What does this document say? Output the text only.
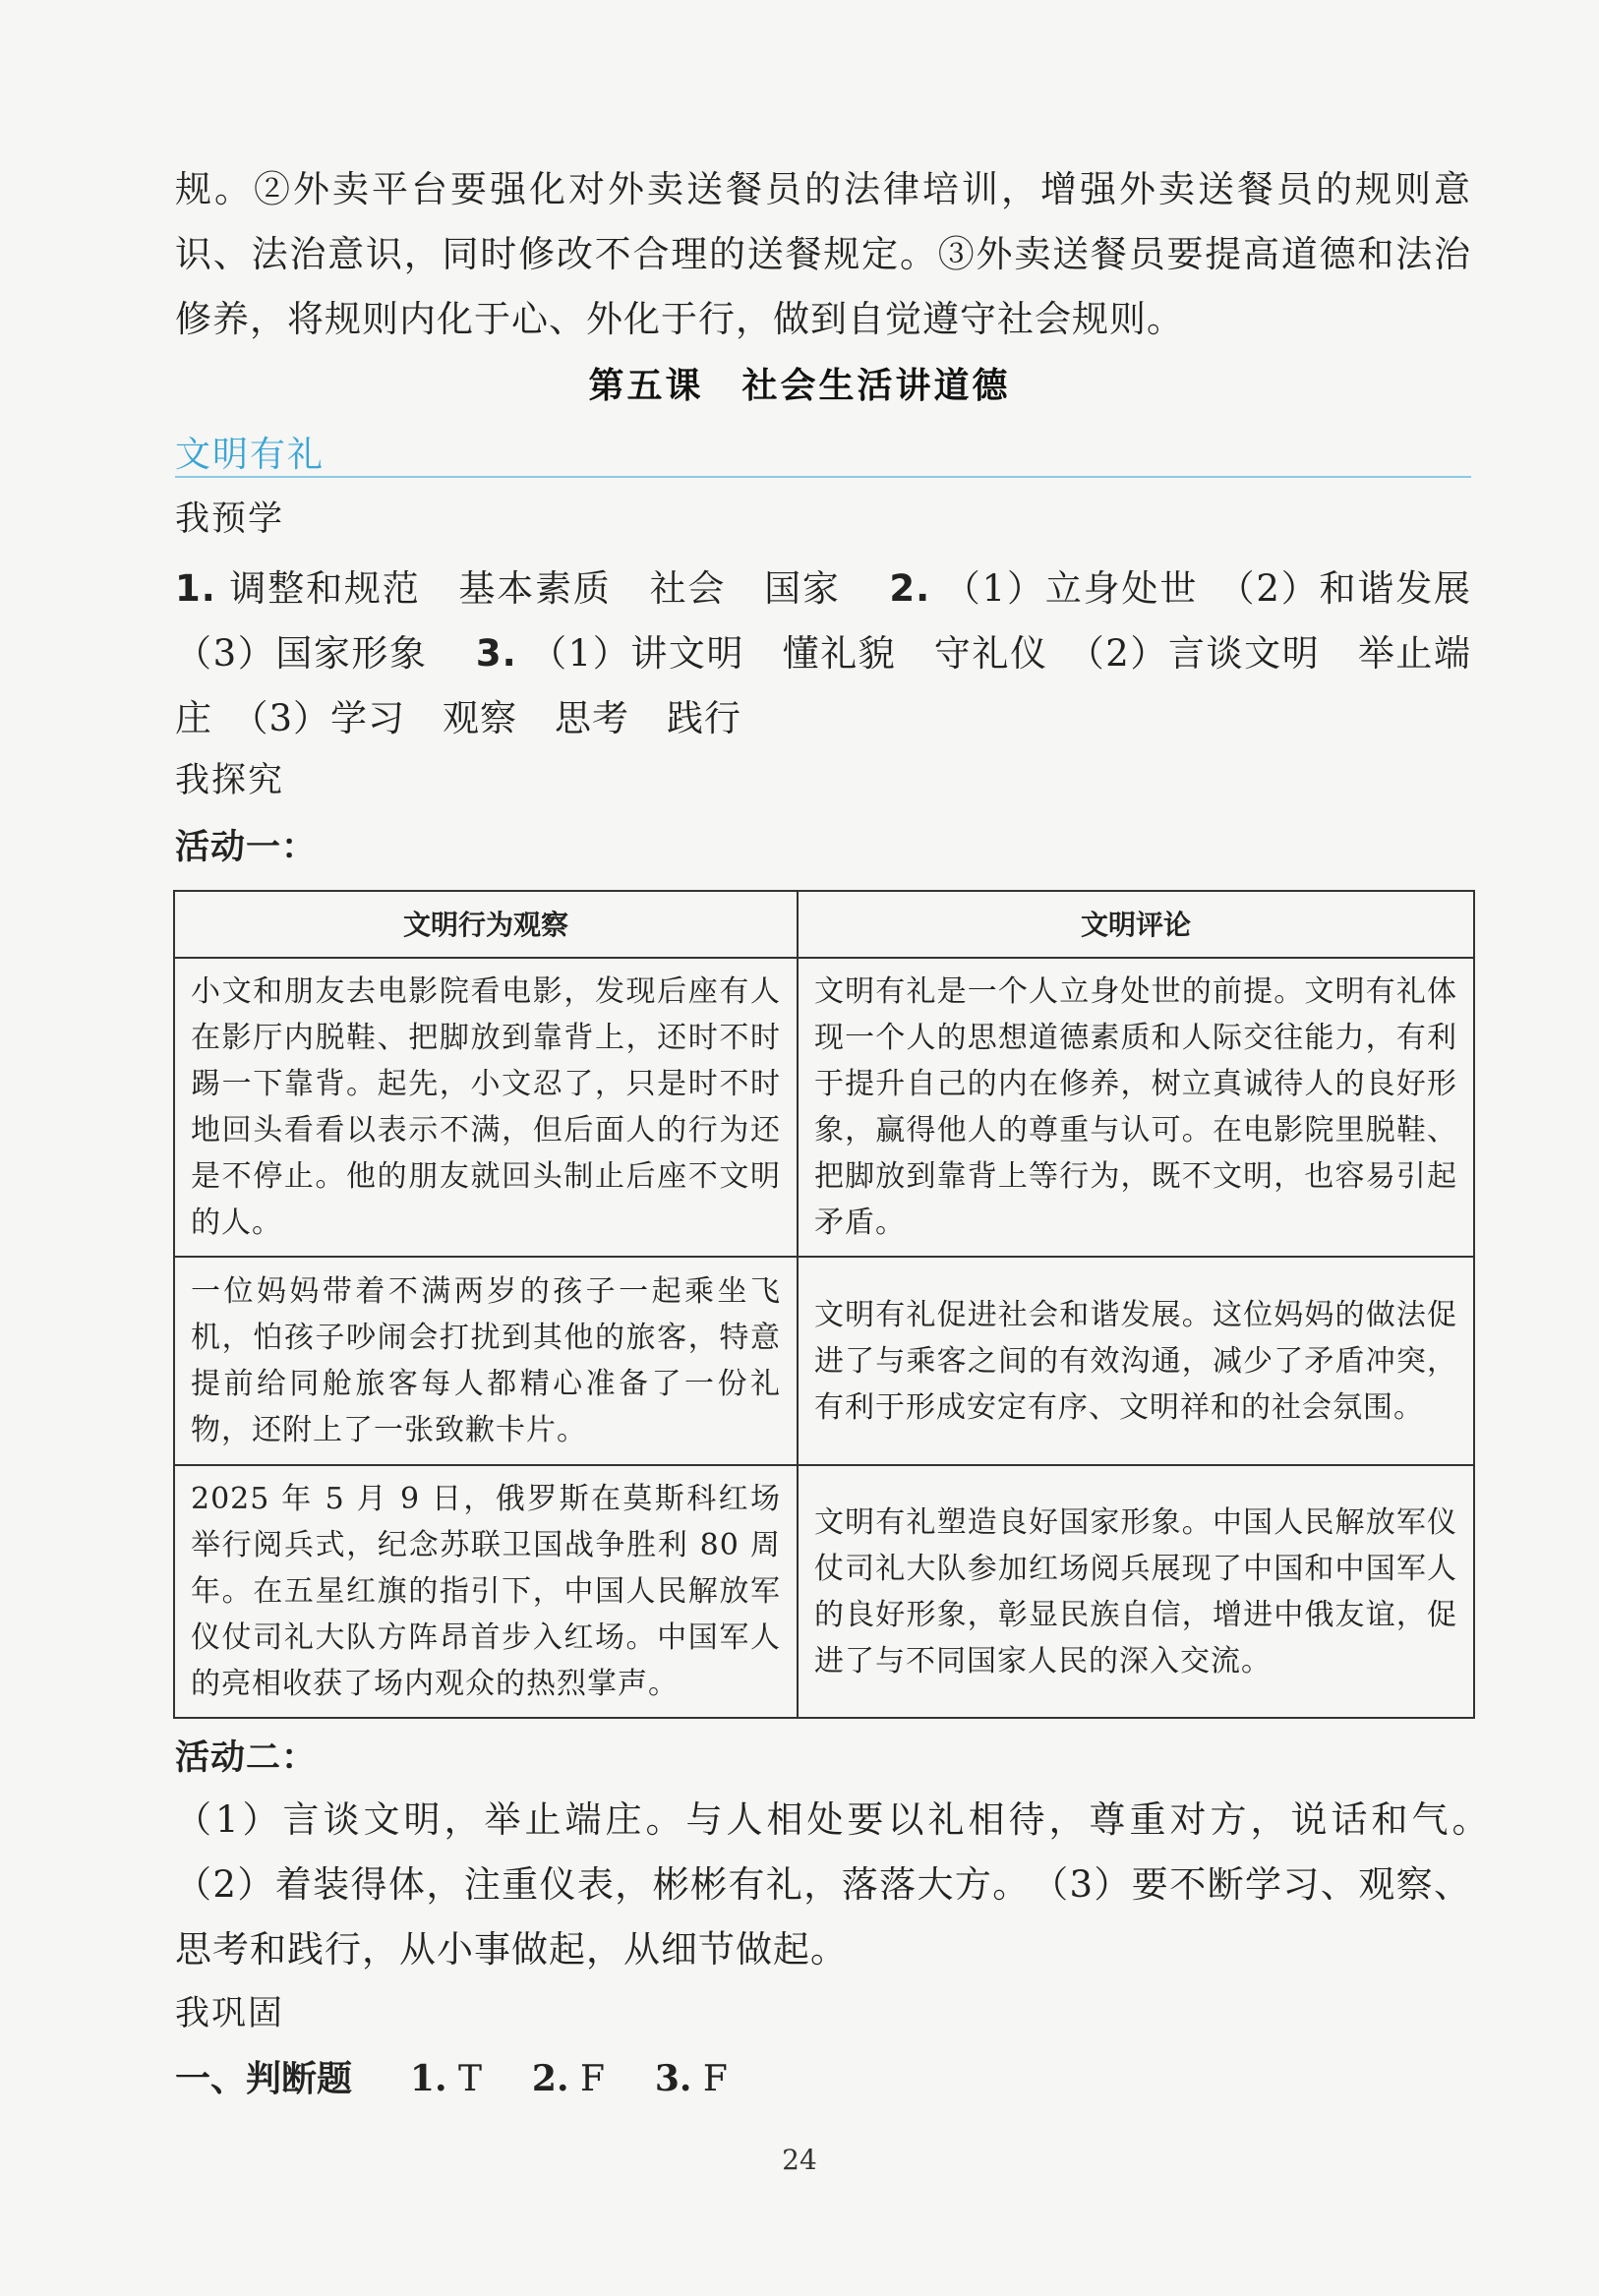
规。②外卖平台要强化对外卖送餐员的法律培训，增强外卖送餐员的规则意识、法治意识，同时修改不合理的送餐规定。③外卖送餐员要提高道德和法治修养，将规则内化于心、外化于行，做到自觉遵守社会规则。
第五课　社会生活讲道德
文明有礼
我预学
1. 调整和规范　基本素质　社会　国家 2. （1）立身处世　（2）和谐发展　（3）国家形象 3. （1）讲文明　懂礼貌　守礼仪　（2）言谈文明　举止端庄　（3）学习　观察　思考　践行
我探究
活动一：
文明行为观察	文明评论
小文和朋友去电影院看电影，发现后座有人在影厅内脱鞋、把脚放到靠背上，还时不时踢一下靠背。起先，小文忍了，只是时不时地回头看看以表示不满，但后面人的行为还是不停止。他的朋友就回头制止后座不文明的人。	文明有礼是一个人立身处世的前提。文明有礼体现一个人的思想道德素质和人际交往能力，有利于提升自己的内在修养，树立真诚待人的良好形象，赢得他人的尊重与认可。在电影院里脱鞋、把脚放到靠背上等行为，既不文明，也容易引起矛盾。
一位妈妈带着不满两岁的孩子一起乘坐飞机，怕孩子吵闹会打扰到其他的旅客，特意提前给同舱旅客每人都精心准备了一份礼物，还附上了一张致歉卡片。	文明有礼促进社会和谐发展。这位妈妈的做法促进了与乘客之间的有效沟通，减少了矛盾冲突，有利于形成安定有序、文明祥和的社会氛围。
2025 年 5 月 9 日，俄罗斯在莫斯科红场举行阅兵式，纪念苏联卫国战争胜利 80 周年。在五星红旗的指引下，中国人民解放军仪仗司礼大队方阵昂首步入红场。中国军人的亮相收获了场内观众的热烈掌声。	文明有礼塑造良好国家形象。中国人民解放军仪仗司礼大队参加红场阅兵展现了中国和中国军人的良好形象，彰显民族自信，增进中俄友谊，促进了与不同国家人民的深入交流。
活动二：
（1）言谈文明，举止端庄。与人相处要以礼相待，尊重对方，说话和气。　（2）着装得体，注重仪表，彬彬有礼，落落大方。　（3）要不断学习、观察、思考和践行，从小事做起，从细节做起。
我巩固
一、判断题 1. T 2. F 3. F
24
